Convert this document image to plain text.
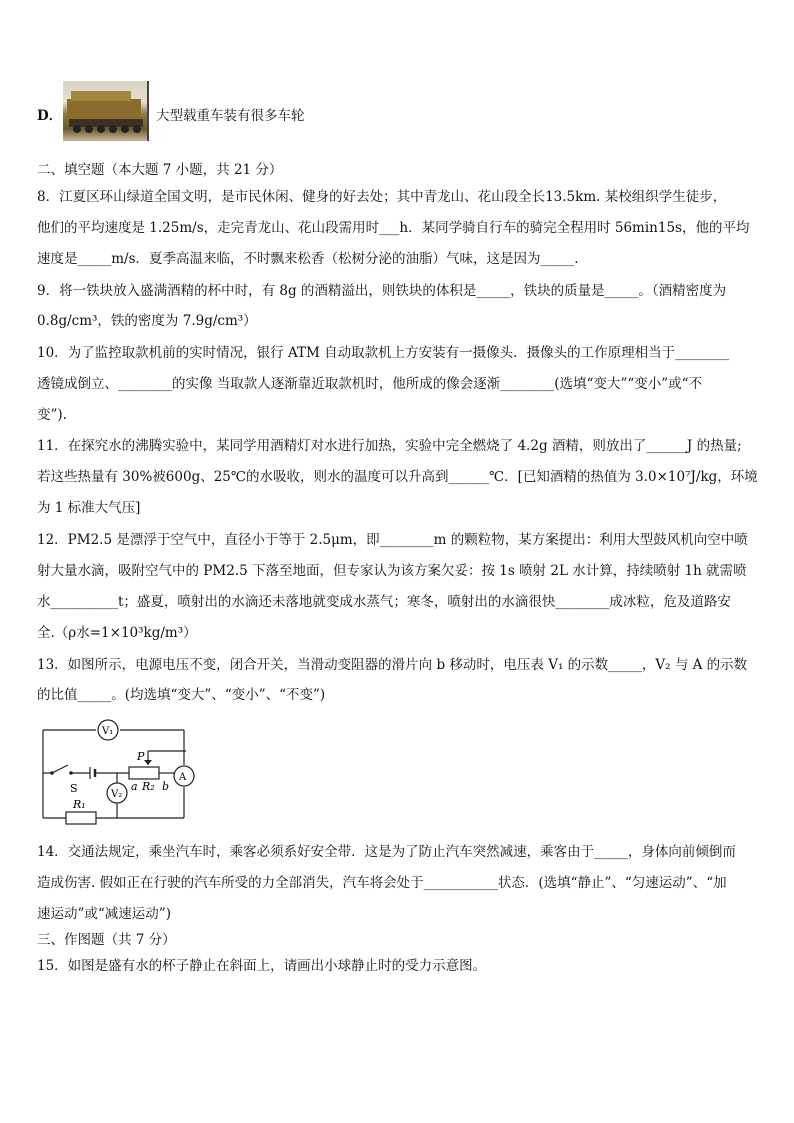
D．	大型载重车装有很多车轮
二、填空题（本大题 7 小题，共 21 分）
8．江夏区环山绿道全国文明，是市民休闲、健身的好去处；其中青龙山、花山段全长13.5km. 某校组织学生徒步，
他们的平均速度是 1.25m/s，走完青龙山、花山段需用时___h．某同学骑自行车的骑完全程用时 56min15s，他的平均
速度是_____m/s．夏季高温来临，不时飘来松香（松树分泌的油脂）气味，这是因为_____.
9．将一铁块放入盛满酒精的杯中时，有 8g 的酒精溢出，则铁块的体积是_____，铁块的质量是_____。（酒精密度为
0.8g/cm³，铁的密度为 7.9g/cm³）
10．为了监控取款机前的实时情况，银行 ATM 自动取款机上方安装有一摄像头．摄像头的工作原理相当于________
透镜成倒立、________的实像 当取款人逐渐靠近取款机时，他所成的像会逐渐________(选填“变大”“变小”或“不
变”).
11．在探究水的沸腾实验中，某同学用酒精灯对水进行加热，实验中完全燃烧了 4.2g 酒精，则放出了______J 的热量;
若这些热量有 30%被600g、25℃的水吸收，则水的温度可以升高到______℃．[已知酒精的热值为 3.0×10⁷J/kg，环境
为 1 标准大气压]
12．PM2.5 是漂浮于空气中，直径小于等于 2.5μm，即________m 的颗粒物，某方案提出：利用大型鼓风机向空中喷
射大量水滴，吸附空气中的 PM2.5 下落至地面，但专家认为该方案欠妥：按 1s 喷射 2L 水计算，持续喷射 1h 就需喷
水__________t；盛夏，喷射出的水滴还未落地就变成水蒸气；寒冬，喷射出的水滴很快________成冰粒，危及道路安
全.（ρ水=1×10³kg/m³）
13．如图所示，电源电压不变，闭合开关，当滑动变阻器的滑片向 b 移动时，电压表 V₁ 的示数_____，V₂ 与 A 的示数
的比值_____。(均选填“变大”、“变小”、“不变”)
V₁
V₂
A
S
P
a R₂ b
R₁
14．交通法规定，乘坐汽车时，乘客必须系好安全带．这是为了防止汽车突然减速，乘客由于_____，身体向前倾倒而
造成伤害. 假如正在行驶的汽车所受的力全部消失，汽车将会处于___________状态．(选填“静止”、“匀速运动”、“加
速运动”或“减速运动”)
三、作图题（共 7 分）
15．如图是盛有水的杯子静止在斜面上，请画出小球静止时的受力示意图。
